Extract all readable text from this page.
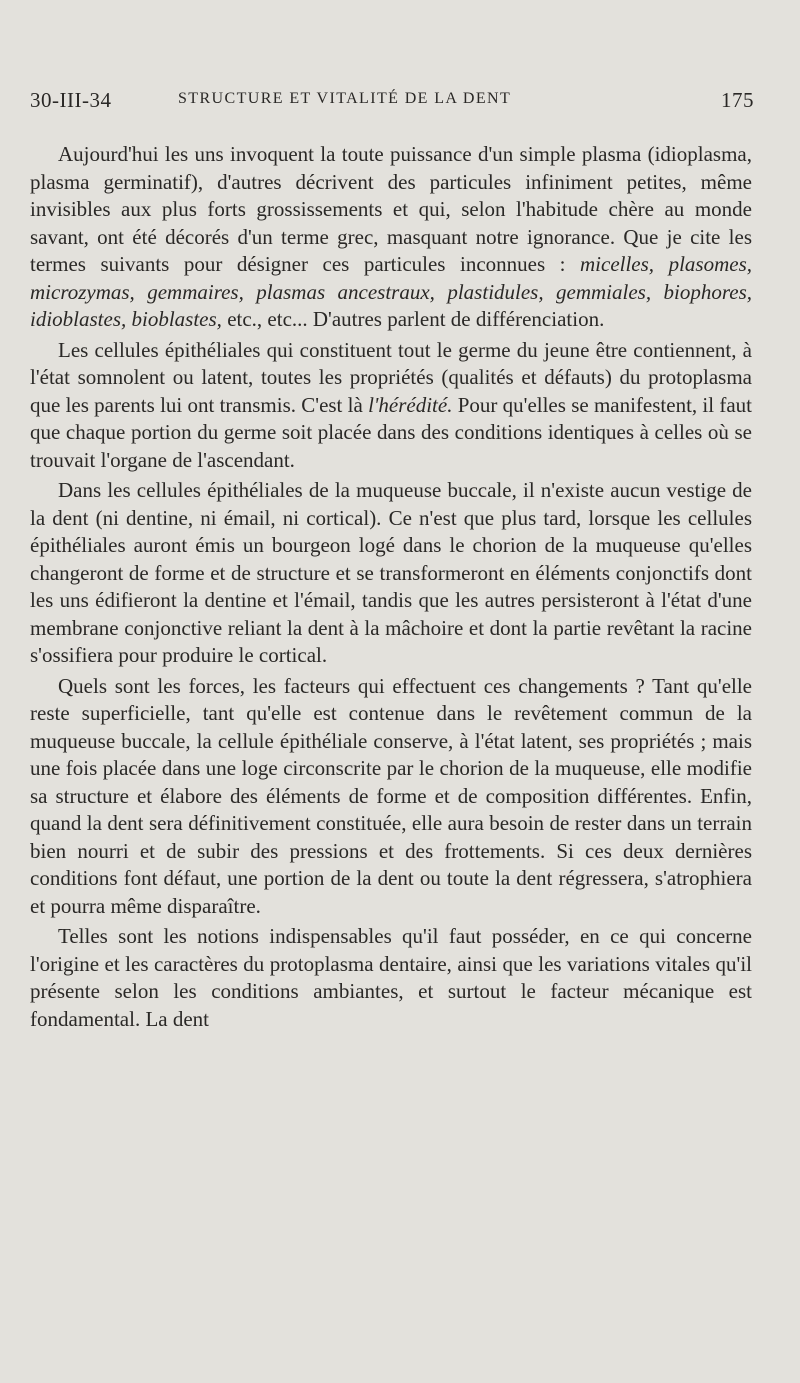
30-III-34	STRUCTURE ET VITALITÉ DE LA DENT	175

Aujourd'hui les uns invoquent la toute puissance d'un simple plasma (idioplasma, plasma germinatif), d'autres décrivent des particules infiniment petites, même invisibles aux plus forts grossissements et qui, selon l'habitude chère au monde savant, ont été décorés d'un terme grec, masquant notre ignorance. Que je cite les termes suivants pour désigner ces particules inconnues : micelles, plasomes, microzymas, gemmaires, plasmas ancestraux, plastidules, gemmiales, biophores, idioblastes, bioblastes, etc., etc... D'autres parlent de différenciation.

Les cellules épithéliales qui constituent tout le germe du jeune être contiennent, à l'état somnolent ou latent, toutes les propriétés (qualités et défauts) du protoplasma que les parents lui ont transmis. C'est là l'hérédité. Pour qu'elles se manifestent, il faut que chaque portion du germe soit placée dans des conditions identiques à celles où se trouvait l'organe de l'ascendant.

Dans les cellules épithéliales de la muqueuse buccale, il n'existe aucun vestige de la dent (ni dentine, ni émail, ni cortical). Ce n'est que plus tard, lorsque les cellules épithéliales auront émis un bourgeon logé dans le chorion de la muqueuse qu'elles changeront de forme et de structure et se transformeront en éléments conjonctifs dont les uns édifieront la dentine et l'émail, tandis que les autres persisteront à l'état d'une membrane conjonctive reliant la dent à la mâchoire et dont la partie revêtant la racine s'ossifiera pour produire le cortical.

Quels sont les forces, les facteurs qui effectuent ces changements ? Tant qu'elle reste superficielle, tant qu'elle est contenue dans le revêtement commun de la muqueuse buccale, la cellule épithéliale conserve, à l'état latent, ses propriétés ; mais une fois placée dans une loge circonscrite par le chorion de la muqueuse, elle modifie sa structure et élabore des éléments de forme et de composition différentes. Enfin, quand la dent sera définitivement constituée, elle aura besoin de rester dans un terrain bien nourri et de subir des pressions et des frottements. Si ces deux dernières conditions font défaut, une portion de la dent ou toute la dent régressera, s'atrophiera et pourra même disparaître.

Telles sont les notions indispensables qu'il faut posséder, en ce qui concerne l'origine et les caractères du protoplasma dentaire, ainsi que les variations vitales qu'il présente selon les conditions ambiantes, et surtout le facteur mécanique est fondamental. La dent
